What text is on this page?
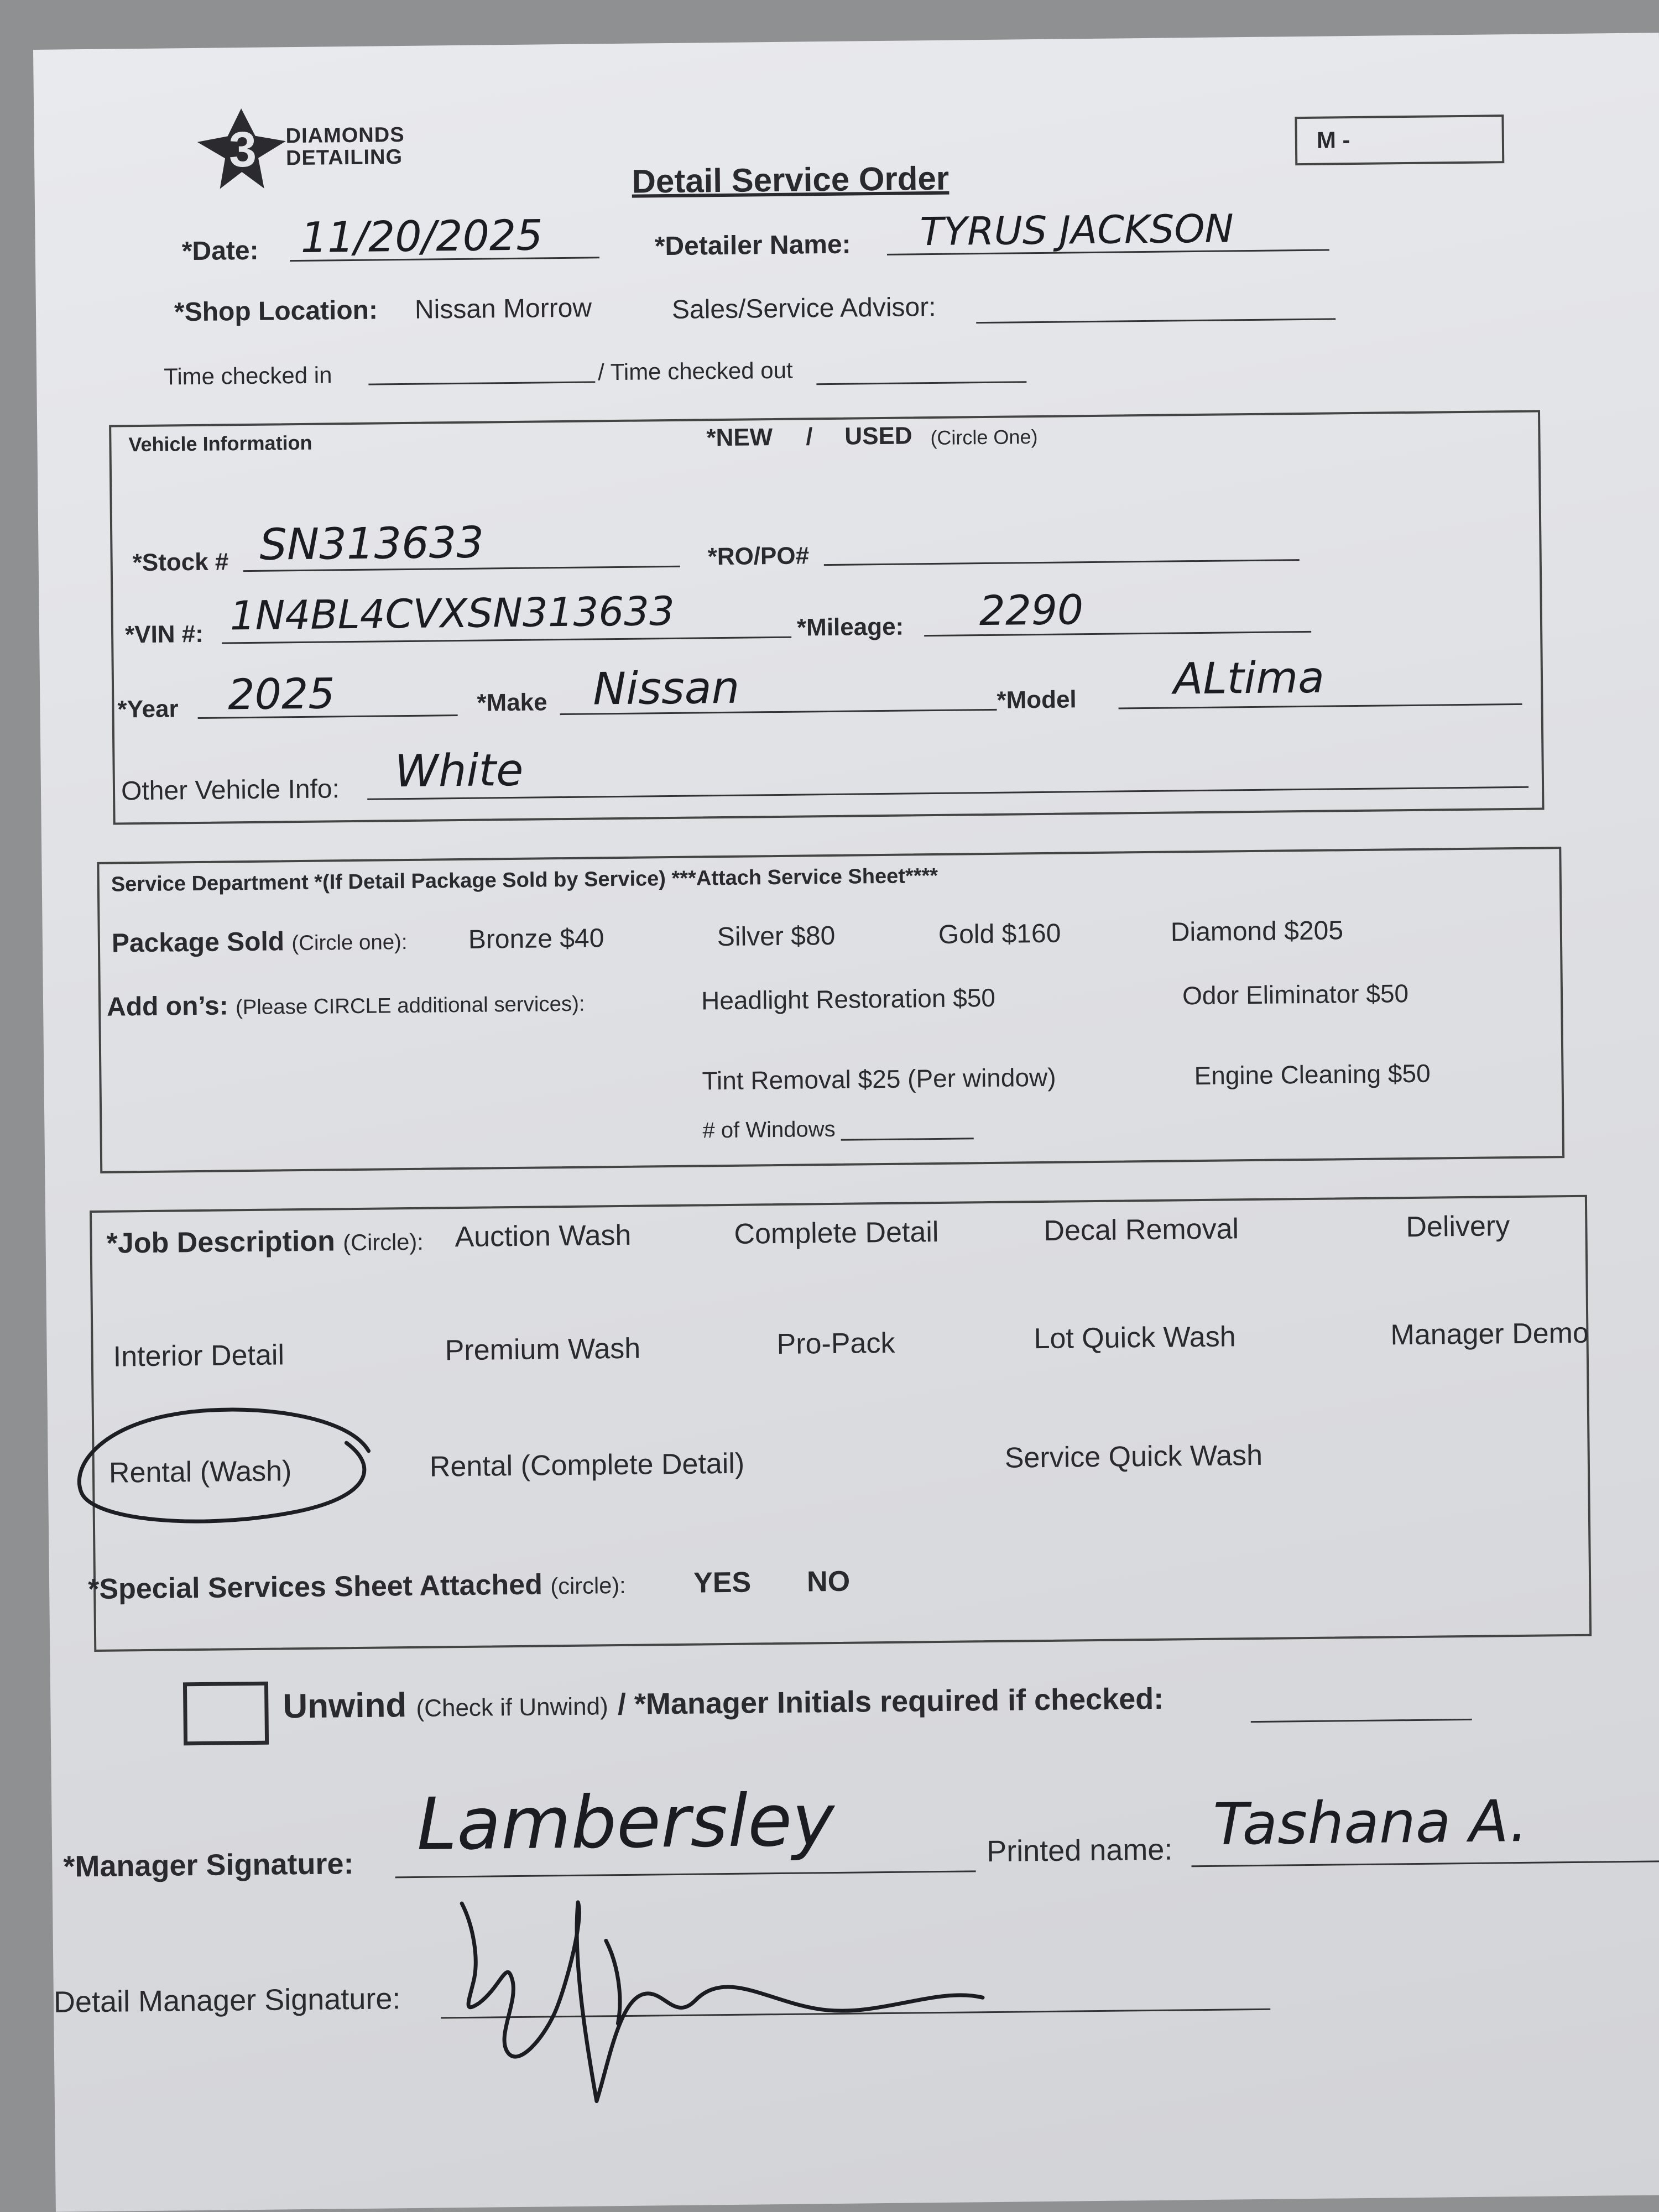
3 DIAMONDS
DETAILING
M -
Detail Service Order
*Date: 11/20/2025	*Detailer Name: TYRUS JACKSON
*Shop Location: Nissan Morrow	Sales/Service Advisor:
Time checked in	/ Time checked out
Vehicle Information	*NEW / USED (Circle One)
*Stock # SN313633	*RO/PO#
*VIN #: 1N4BL4CVXSN313633	*Mileage: 2290
*Year 2025	*Make Nissan	*Model ALtima
Other Vehicle Info: White
Service Department *(If Detail Package Sold by Service) ***Attach Service Sheet****
Package Sold (Circle one): Bronze $40	Silver $80	Gold $160	Diamond $205
Add on’s: (Please CIRCLE additional services):	Headlight Restoration $50	Odor Eliminator $50
Tint Removal $25 (Per window)	Engine Cleaning $50
# of Windows
*Job Description (Circle): Auction Wash	Complete Detail	Decal Removal	Delivery
Interior Detail	Premium Wash	Pro-Pack	Lot Quick Wash	Manager Demo
Rental (Wash)	Rental (Complete Detail)	Service Quick Wash
*Special Services Sheet Attached (circle): YES NO
Unwind (Check if Unwind) / *Manager Initials required if checked:
*Manager Signature: Lambersley	Printed name: Tashana A.
Detail Manager Signature:
